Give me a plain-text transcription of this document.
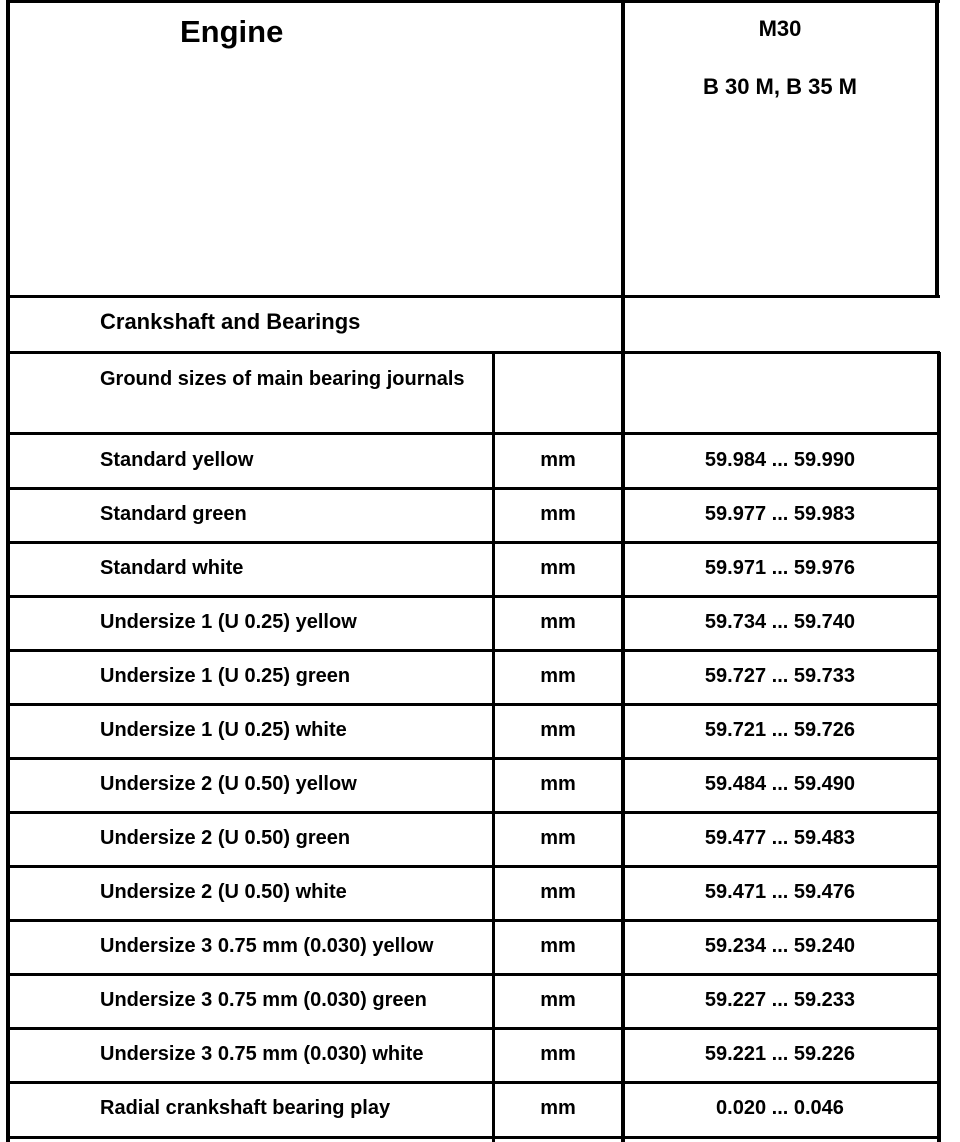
Engine	M30
B 30 M, B 35 M
Crankshaft and Bearings
Ground sizes of main bearing journals
Standard yellow	mm	59.984 ... 59.990
Standard green	mm	59.977 ... 59.983
Standard white	mm	59.971 ... 59.976
Undersize 1 (U 0.25) yellow	mm	59.734 ... 59.740
Undersize 1 (U 0.25) green	mm	59.727 ... 59.733
Undersize 1 (U 0.25) white	mm	59.721 ... 59.726
Undersize 2 (U 0.50) yellow	mm	59.484 ... 59.490
Undersize 2 (U 0.50) green	mm	59.477 ... 59.483
Undersize 2 (U 0.50) white	mm	59.471 ... 59.476
Undersize 3 0.75 mm (0.030) yellow	mm	59.234 ... 59.240
Undersize 3 0.75 mm (0.030) green	mm	59.227 ... 59.233
Undersize 3 0.75 mm (0.030) white	mm	59.221 ... 59.226
Radial crankshaft bearing play	mm	0.020 ... 0.046
